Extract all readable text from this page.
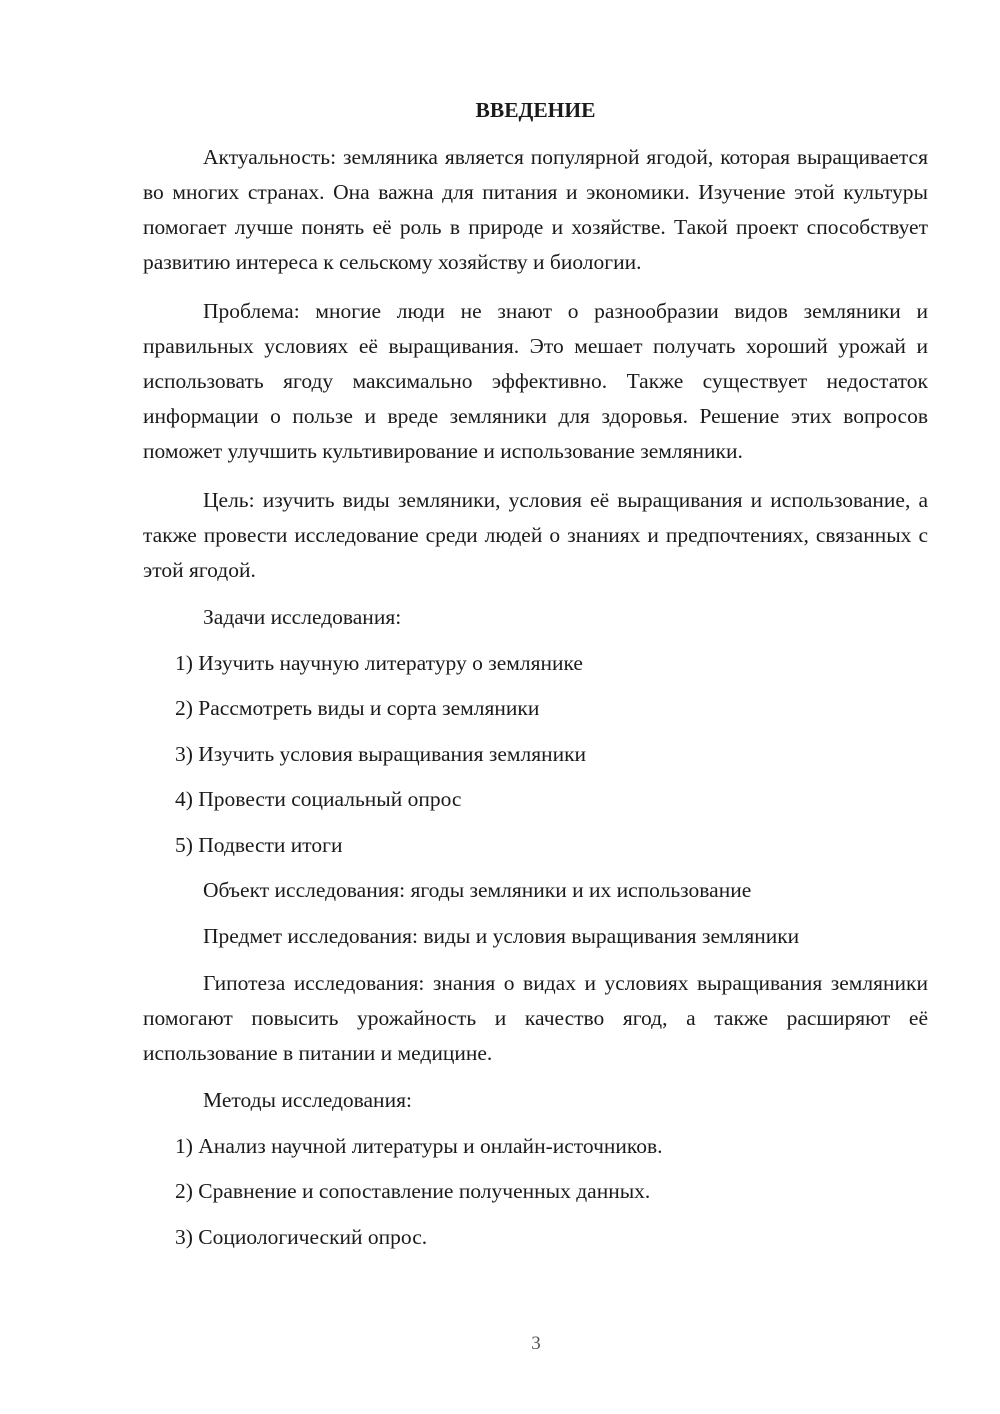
ВВЕДЕНИЕ

Актуальность: земляника является популярной ягодой, которая выращивается во многих странах. Она важна для питания и экономики. Изучение этой культуры помогает лучше понять её роль в природе и хозяйстве. Такой проект способствует развитию интереса к сельскому хозяйству и биологии.

Проблема: многие люди не знают о разнообразии видов земляники и правильных условиях её выращивания. Это мешает получать хороший урожай и использовать ягоду максимально эффективно. Также существует недостаток информации о пользе и вреде земляники для здоровья. Решение этих вопросов поможет улучшить культивирование и использование земляники.

Цель: изучить виды земляники, условия её выращивания и использование, а также провести исследование среди людей о знаниях и предпочтениях, связанных с этой ягодой.

Задачи исследования:
1) Изучить научную литературу о землянике
2) Рассмотреть виды и сорта земляники
3) Изучить условия выращивания земляники
4) Провести социальный опрос
5) Подвести итоги
Объект исследования: ягоды земляники и их использование
Предмет исследования: виды и условия выращивания земляники

Гипотеза исследования: знания о видах и условиях выращивания земляники помогают повысить урожайность и качество ягод, а также расширяют её использование в питании и медицине.

Методы исследования:
1) Анализ научной литературы и онлайн-источников.
2) Сравнение и сопоставление полученных данных.
3) Социологический опрос.
3
